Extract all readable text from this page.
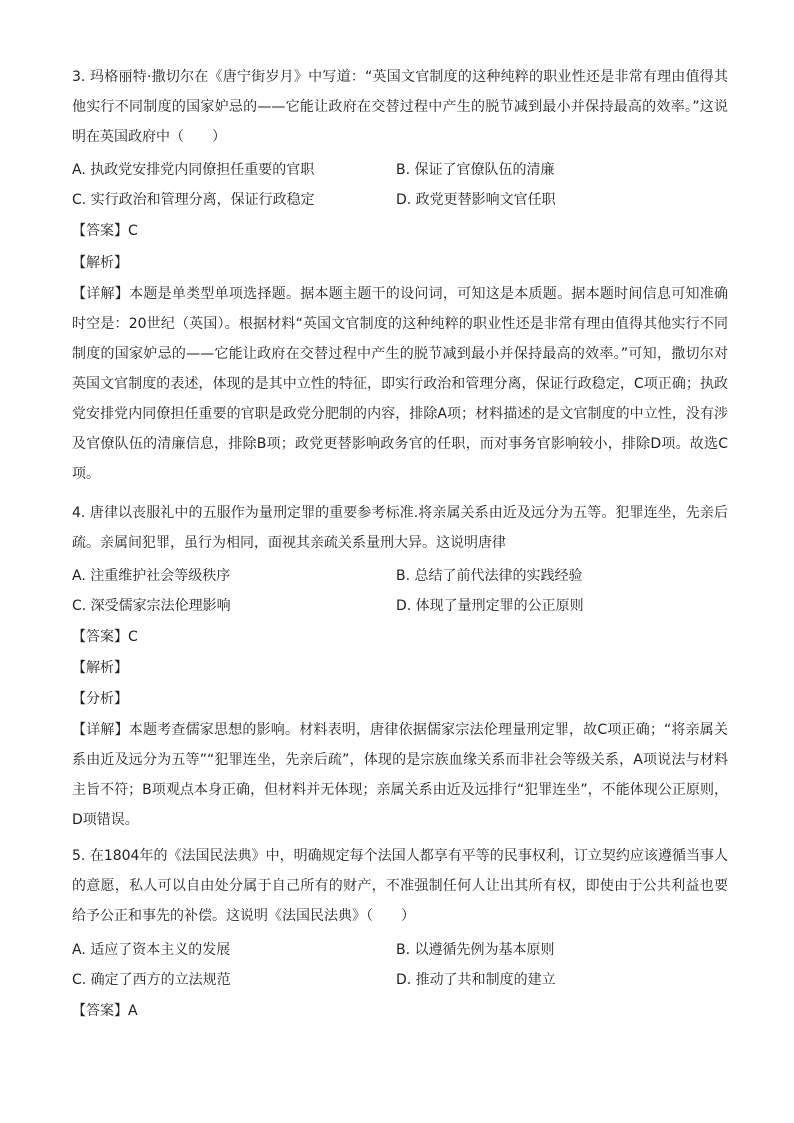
3. 玛格丽特·撒切尔在《唐宁街岁月》中写道：“英国文官制度的这种纯粹的职业性还是非常有理由值得其他实行不同制度的国家妒忌的——它能让政府在交替过程中产生的脱节减到最小并保持最高的效率。”这说明在英国政府中（　　）
A. 执政党安排党内同僚担任重要的官职	B. 保证了官僚队伍的清廉
C. 实行政治和管理分离，保证行政稳定	D. 政党更替影响文官任职
【答案】C
【解析】
【详解】本题是单类型单项选择题。据本题主题干的设问词，可知这是本质题。据本题时间信息可知准确时空是：20世纪（英国）。根据材料“英国文官制度的这种纯粹的职业性还是非常有理由值得其他实行不同制度的国家妒忌的——它能让政府在交替过程中产生的脱节减到最小并保持最高的效率。”可知，撒切尔对英国文官制度的表述，体现的是其中立性的特征，即实行政治和管理分离，保证行政稳定，C项正确；执政党安排党内同僚担任重要的官职是政党分肥制的内容，排除A项；材料描述的是文官制度的中立性，没有涉及官僚队伍的清廉信息，排除B项；政党更替影响政务官的任职，而对事务官影响较小，排除D项。故选C项。
4. 唐律以丧服礼中的五服作为量刑定罪的重要参考标准.将亲属关系由近及远分为五等。犯罪连坐，先亲后疏。亲属间犯罪，虽行为相同，面视其亲疏关系量刑大异。这说明唐律
A. 注重维护社会等级秩序	B. 总结了前代法律的实践经验
C. 深受儒家宗法伦理影响	D. 体现了量刑定罪的公正原则
【答案】C
【解析】
【分析】
【详解】本题考查儒家思想的影响。材料表明，唐律依据儒家宗法伦理量刑定罪，故C项正确；“将亲属关系由近及远分为五等”“犯罪连坐，先亲后疏”，体现的是宗族血缘关系而非社会等级关系，A项说法与材料主旨不符；B项观点本身正确，但材料并无体现；亲属关系由近及远排行“犯罪连坐”，不能体现公正原则，D项错误。
5. 在1804年的《法国民法典》中，明确规定每个法国人都享有平等的民事权利，订立契约应该遵循当事人的意愿，私人可以自由处分属于自己所有的财产，不准强制任何人让出其所有权，即使由于公共利益也要给予公正和事先的补偿。这说明《法国民法典》（　　）
A. 适应了资本主义的发展	B. 以遵循先例为基本原则
C. 确定了西方的立法规范	D. 推动了共和制度的建立
【答案】A
